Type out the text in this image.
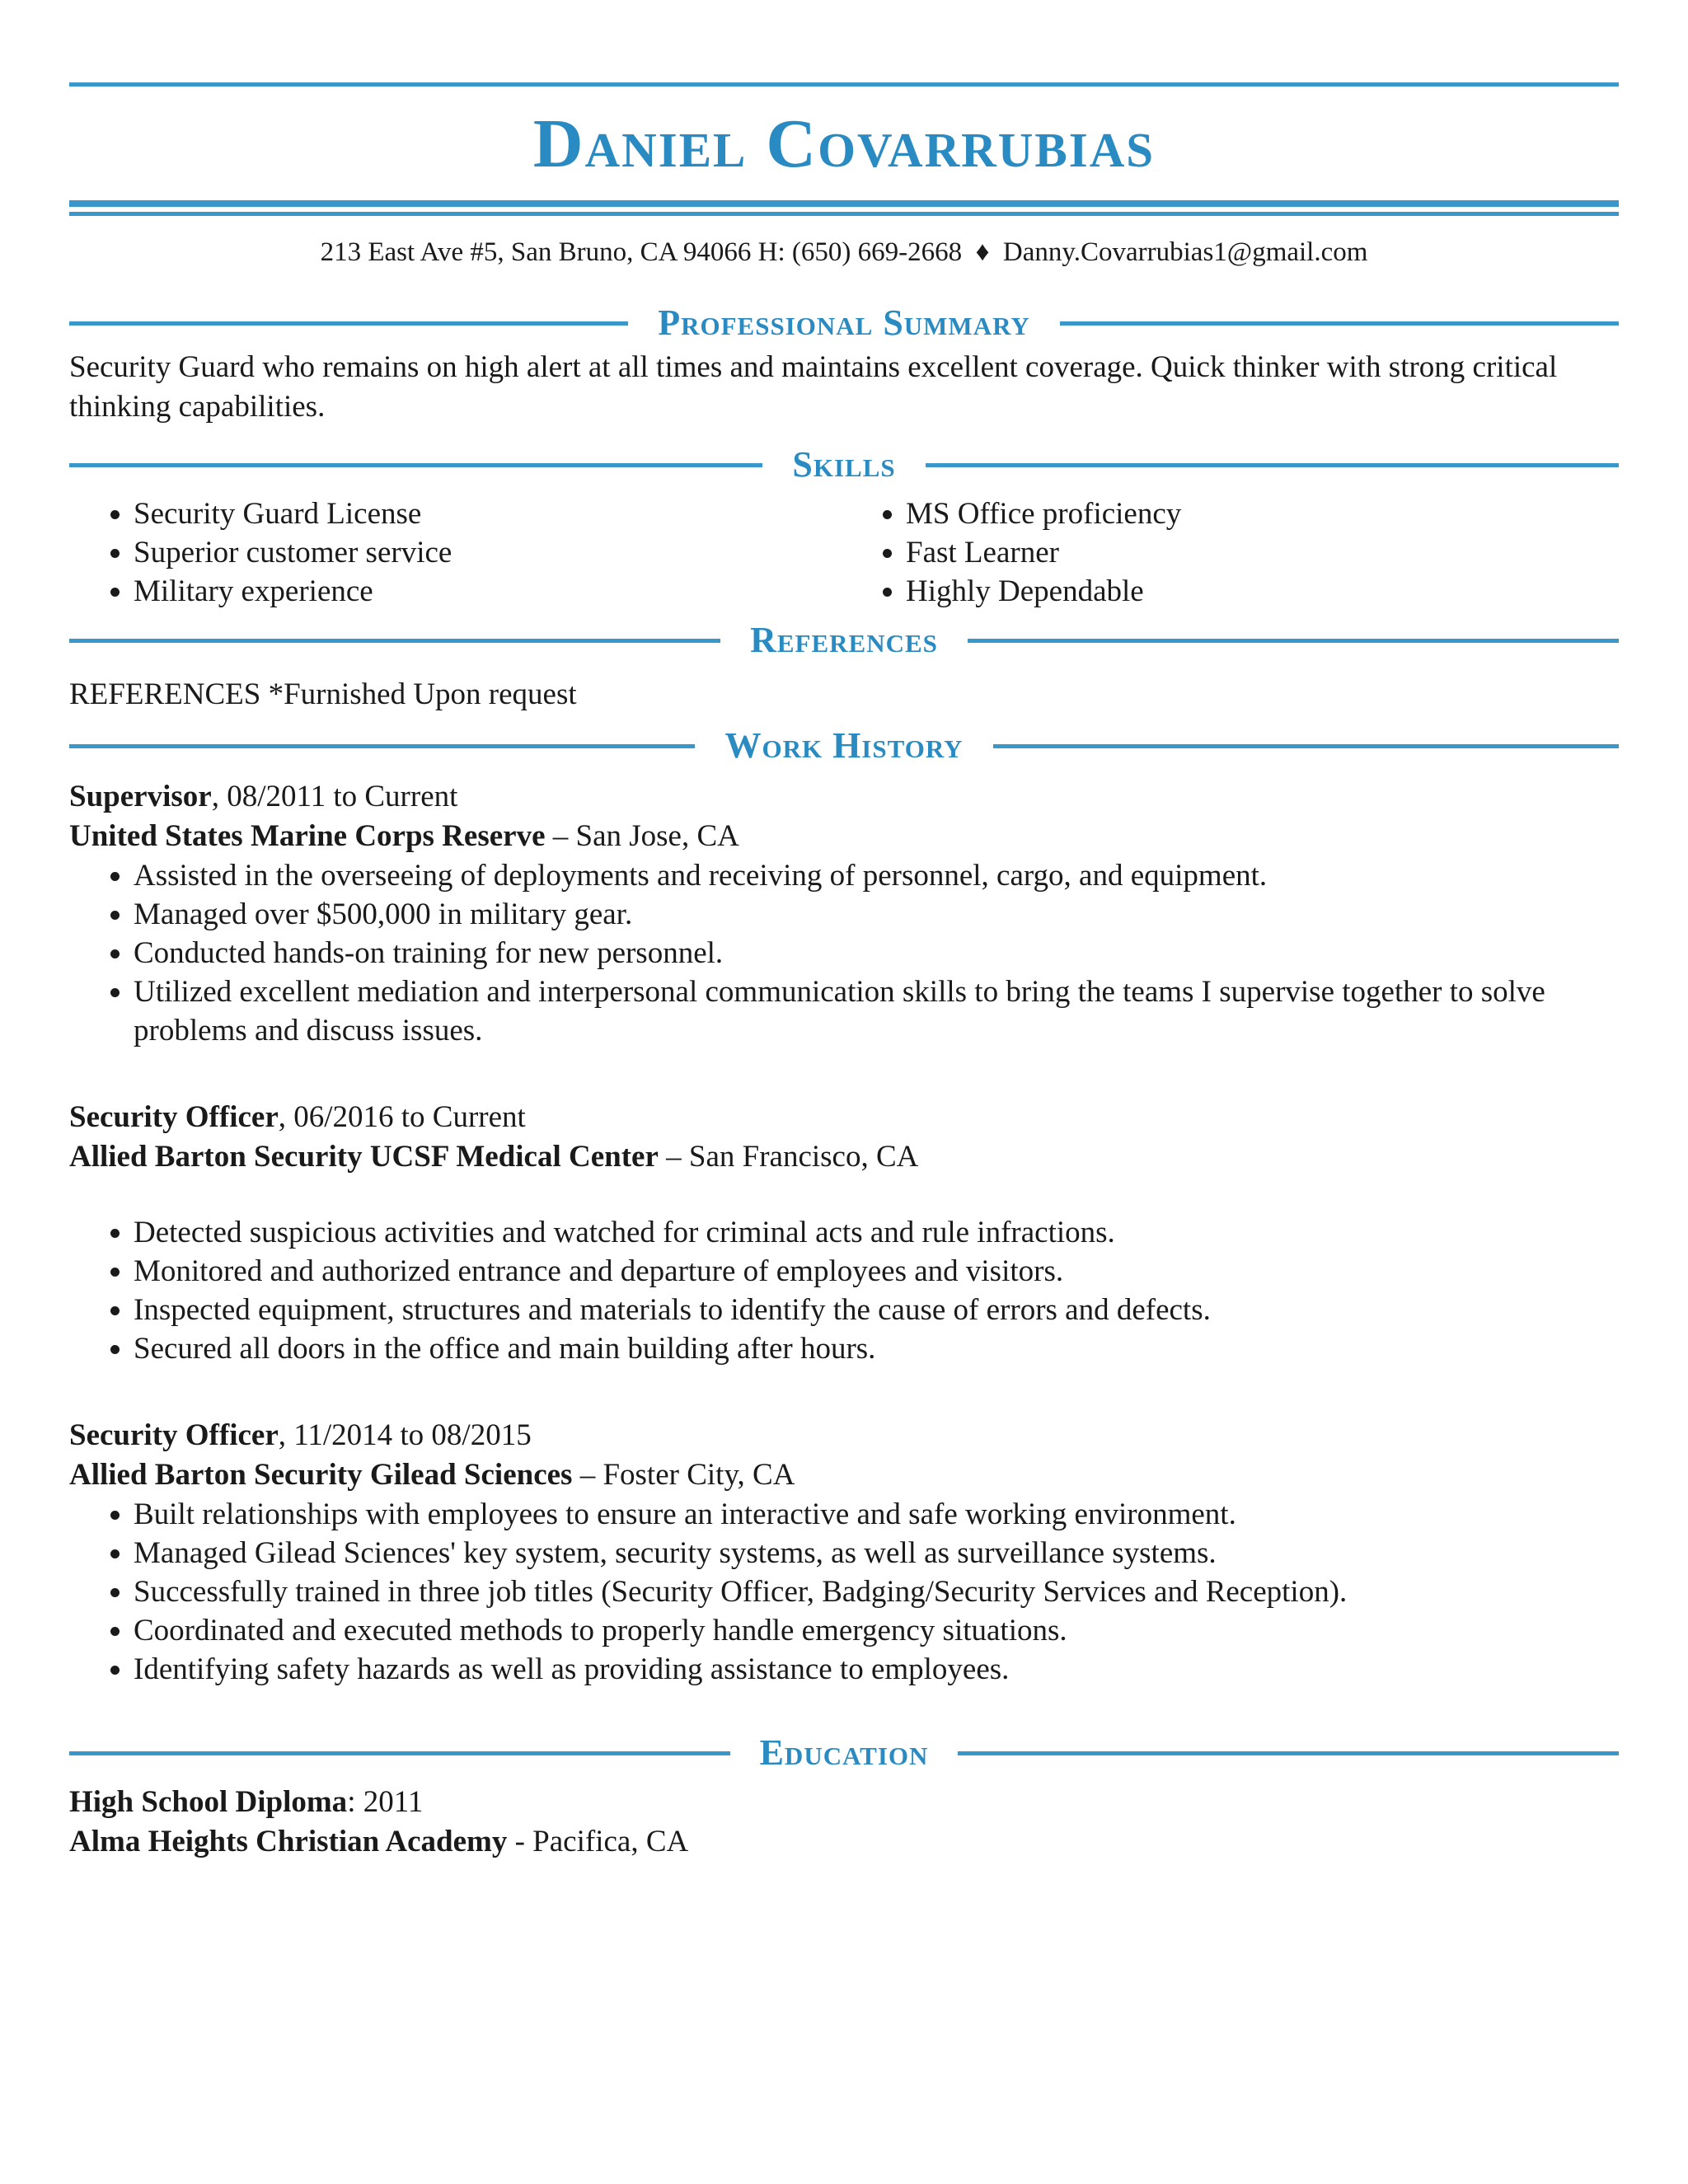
Daniel Covarrubias
213 East Ave #5, San Bruno, CA 94066 H: (650) 669-2668 ♦ Danny.Covarrubias1@gmail.com
Professional Summary
Security Guard who remains on high alert at all times and maintains excellent coverage. Quick thinker with strong critical thinking capabilities.
Skills
• Security Guard License
• Superior customer service
• Military experience
• MS Office proficiency
• Fast Learner
• Highly Dependable
References
REFERENCES *Furnished Upon request
Work History
Supervisor, 08/2011 to Current
United States Marine Corps Reserve – San Jose, CA
• Assisted in the overseeing of deployments and receiving of personnel, cargo, and equipment.
• Managed over $500,000 in military gear.
• Conducted hands-on training for new personnel.
• Utilized excellent mediation and interpersonal communication skills to bring the teams I supervise together to solve problems and discuss issues.
Security Officer, 06/2016 to Current
Allied Barton Security UCSF Medical Center – San Francisco, CA
• Detected suspicious activities and watched for criminal acts and rule infractions.
• Monitored and authorized entrance and departure of employees and visitors.
• Inspected equipment, structures and materials to identify the cause of errors and defects.
• Secured all doors in the office and main building after hours.
Security Officer, 11/2014 to 08/2015
Allied Barton Security Gilead Sciences – Foster City, CA
• Built relationships with employees to ensure an interactive and safe working environment.
• Managed Gilead Sciences' key system, security systems, as well as surveillance systems.
• Successfully trained in three job titles (Security Officer, Badging/Security Services and Reception).
• Coordinated and executed methods to properly handle emergency situations.
• Identifying safety hazards as well as providing assistance to employees.
Education
High School Diploma: 2011
Alma Heights Christian Academy - Pacifica, CA
